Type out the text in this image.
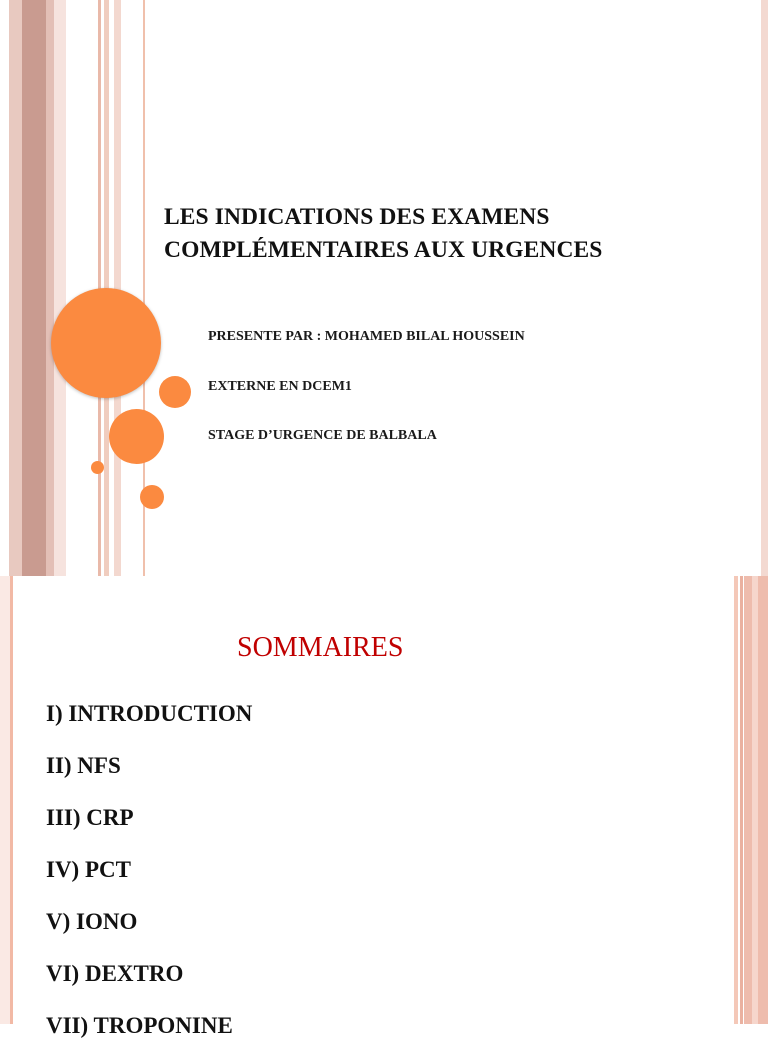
LES INDICATIONS DES EXAMENS
COMPLÉMENTAIRES AUX URGENCES
PRESENTE PAR : MOHAMED BILAL HOUSSEIN
EXTERNE EN DCEM1
STAGE D’URGENCE DE BALBALA
SOMMAIRES
I) INTRODUCTION
II) NFS
III) CRP
IV) PCT
V) IONO
VI) DEXTRO
VII) TROPONINE
